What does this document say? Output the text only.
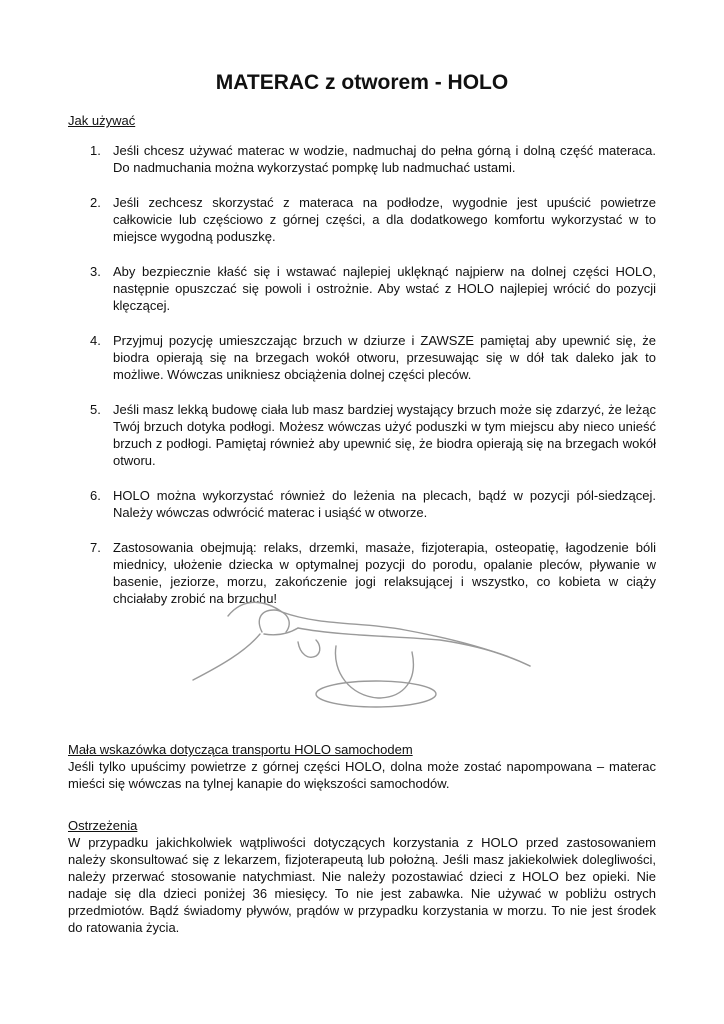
MATERAC z otworem - HOLO
Jak używać
1. Jeśli chcesz używać materac w wodzie, nadmuchaj do pełna górną i dolną część materaca. Do nadmuchania można wykorzystać pompkę lub nadmuchać ustami.
2. Jeśli zechcesz skorzystać z materaca na podłodze, wygodnie jest upuścić powietrze całkowicie lub częściowo z górnej części, a dla dodatkowego komfortu wykorzystać w to miejsce wygodną poduszkę.
3. Aby bezpiecznie kłaść się i wstawać najlepiej uklęknąć najpierw na dolnej części HOLO, następnie opuszczać się powoli i ostrożnie. Aby wstać z HOLO najlepiej wrócić do pozycji klęczącej.
4. Przyjmuj pozycję umieszczając brzuch w dziurze i ZAWSZE pamiętaj aby upewnić się, że biodra opierają się na brzegach wokół otworu, przesuwając się w dół tak daleko jak to możliwe. Wówczas unikniesz obciążenia dolnej części pleców.
5. Jeśli masz lekką budowę ciała lub masz bardziej wystający brzuch może się zdarzyć, że leżąc Twój brzuch dotyka podłogi. Możesz wówczas użyć poduszki w tym miejscu aby nieco unieść brzuch z podłogi. Pamiętaj również aby upewnić się, że biodra opierają się na brzegach wokół otworu.
6. HOLO można wykorzystać również do leżenia na plecach, bądź w pozycji pól-siedzącej. Należy wówczas odwrócić materac i usiąść w otworze.
7. Zastosowania obejmują: relaks, drzemki, masaże, fizjoterapia, osteopatię, łagodzenie bóli miednicy, ułożenie dziecka w optymalnej pozycji do porodu, opalanie pleców, pływanie w basenie, jeziorze, morzu, zakończenie jogi relaksującej i wszystko, co kobieta w ciąży chciałaby zrobić na brzuchu!
Mała wskazówka dotycząca transportu HOLO samochodem

Jeśli tylko upuścimy powietrze z górnej części HOLO, dolna może zostać napompowana – materac mieści się wówczas na tylnej kanapie do większości samochodów.

Ostrzeżenia

W przypadku jakichkolwiek wątpliwości dotyczących korzystania z HOLO przed zastosowaniem należy skonsultować się z lekarzem, fizjoterapeutą lub położną. Jeśli masz jakiekolwiek dolegliwości, należy przerwać stosowanie natychmiast. Nie należy pozostawiać dzieci z HOLO bez opieki. Nie nadaje się dla dzieci poniżej 36 miesięcy. To nie jest zabawka. Nie używać w pobliżu ostrych przedmiotów. Bądź świadomy pływów, prądów w przypadku korzystania w morzu. To nie jest środek do ratowania życia.
